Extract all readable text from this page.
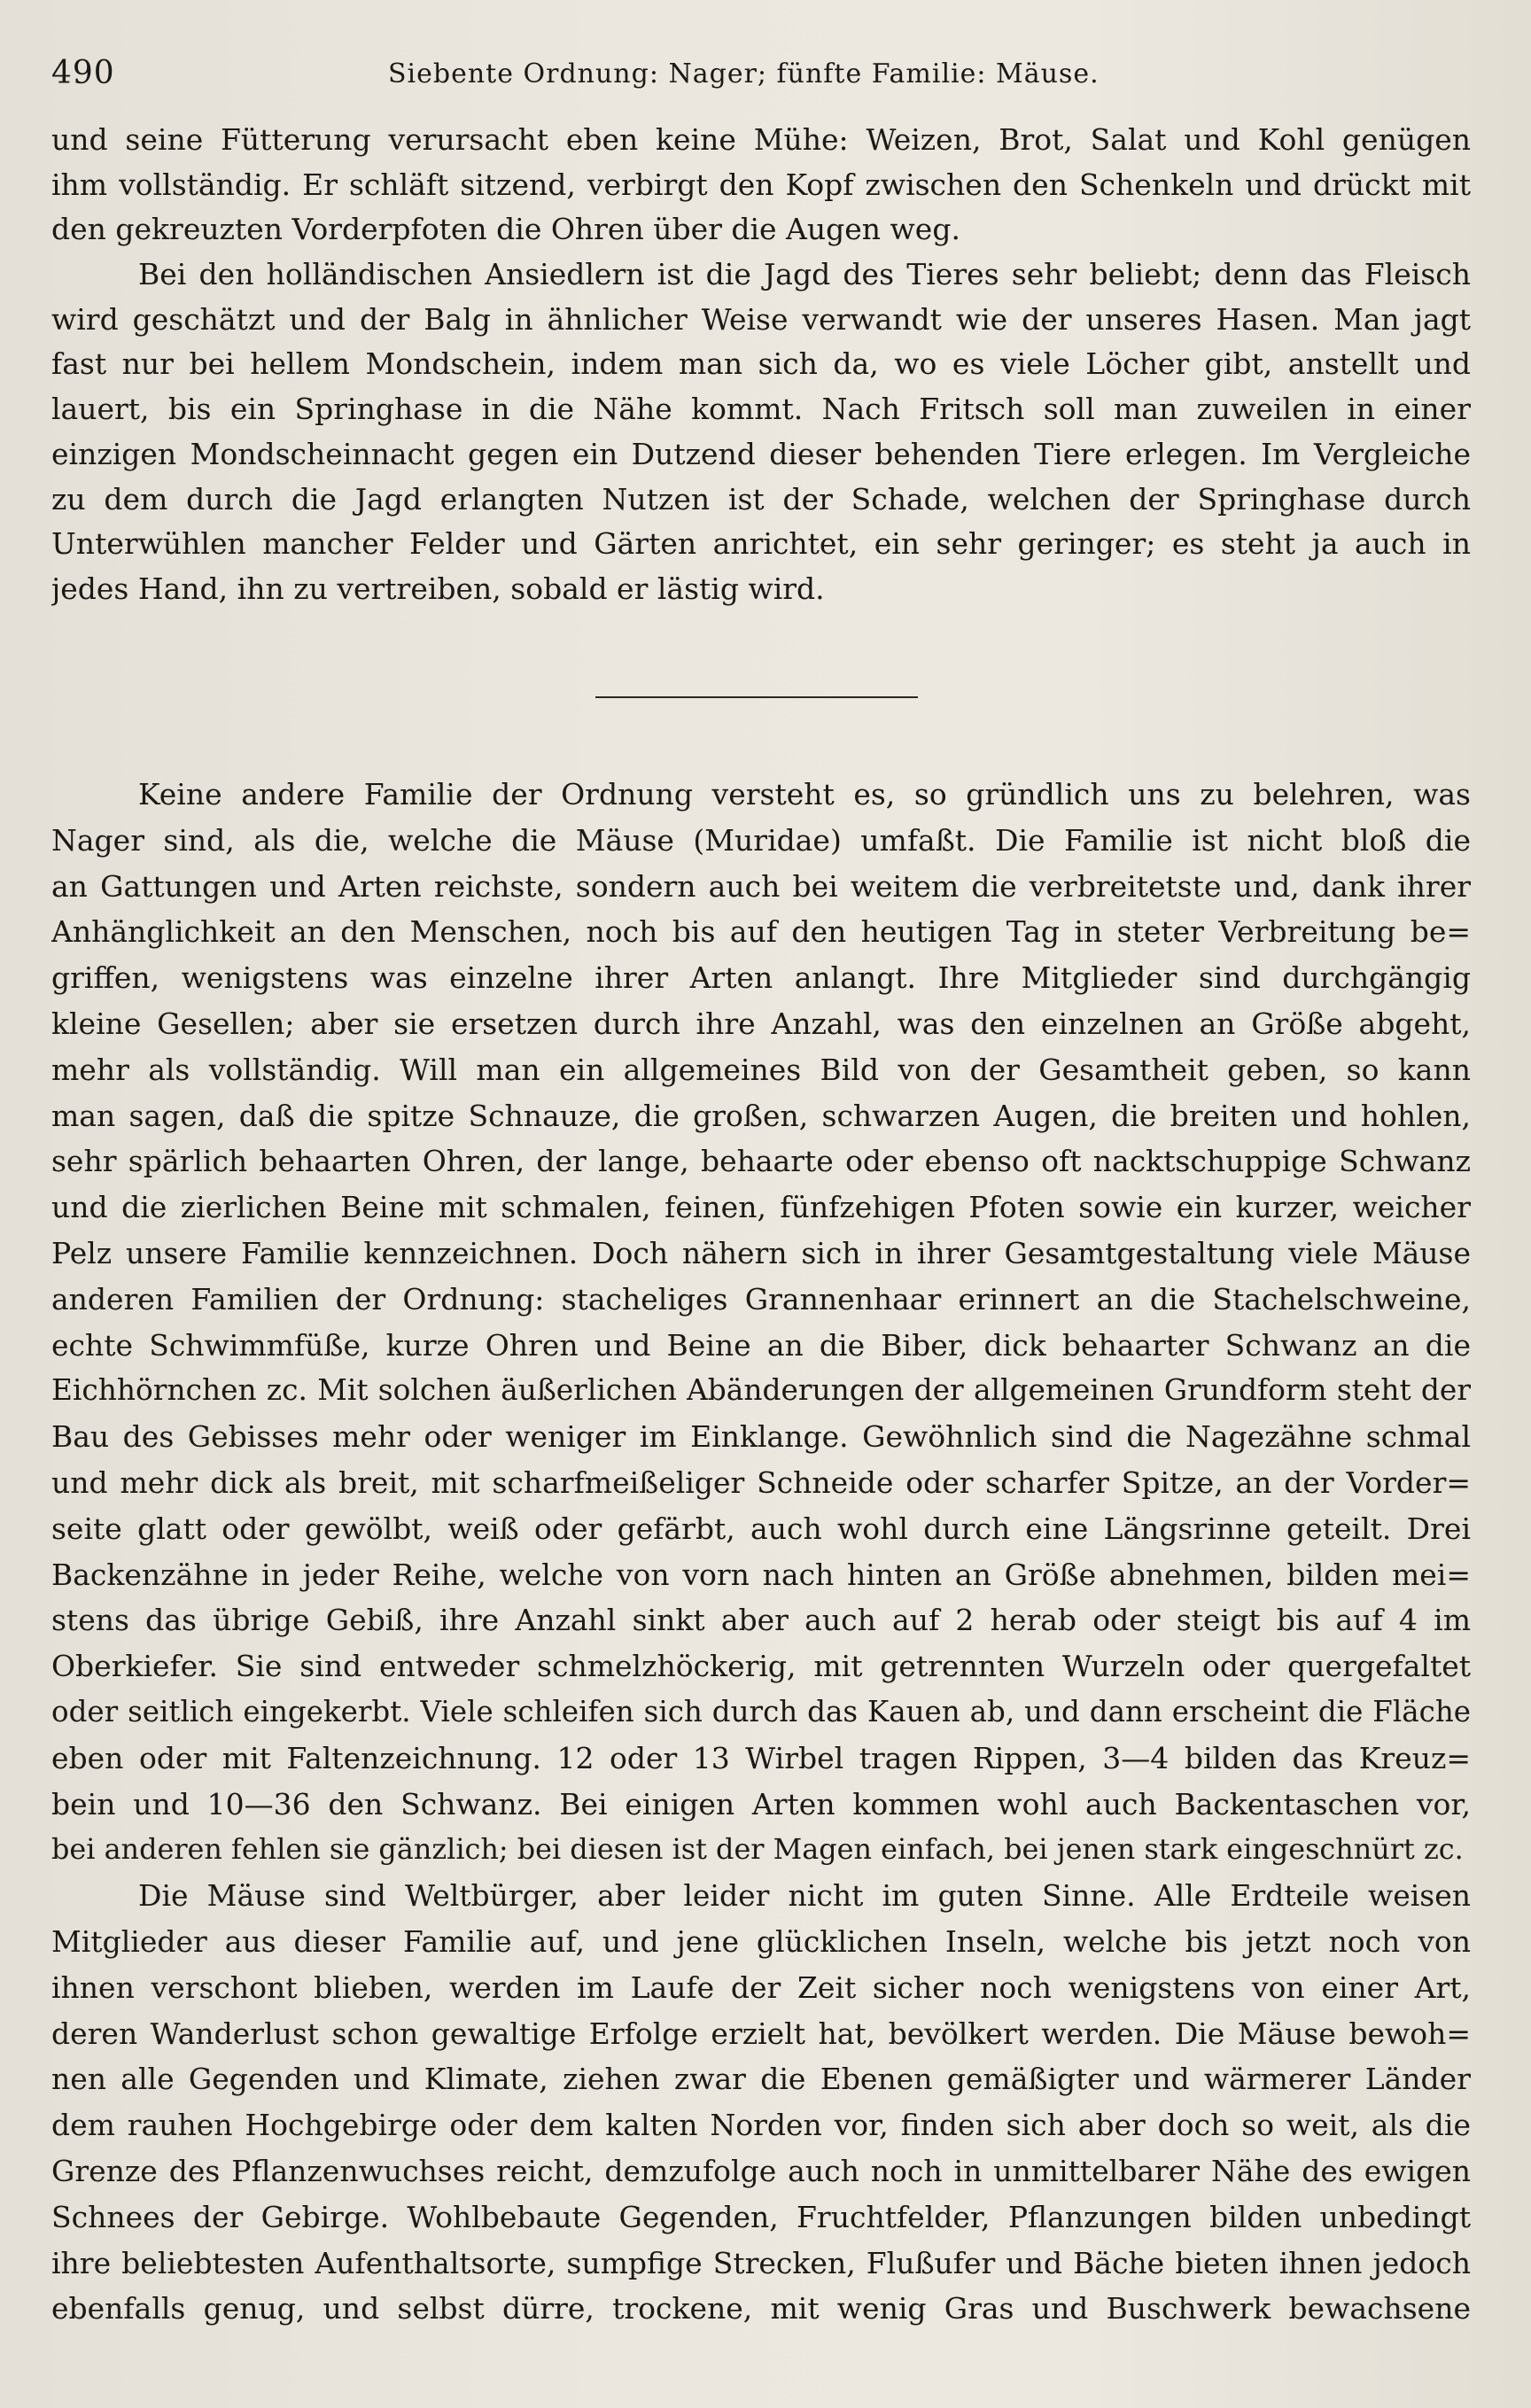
490	Siebente Ordnung: Nager; fünfte Familie: Mäuse.
und seine Fütterung verursacht eben keine Mühe: Weizen, Brot, Salat und Kohl genügen
ihm vollständig. Er schläft sitzend, verbirgt den Kopf zwischen den Schenkeln und drückt mit
den gekreuzten Vorderpfoten die Ohren über die Augen weg.
Bei den holländischen Ansiedlern ist die Jagd des Tieres sehr beliebt; denn das Fleisch
wird geschätzt und der Balg in ähnlicher Weise verwandt wie der unseres Hasen. Man jagt
fast nur bei hellem Mondschein, indem man sich da, wo es viele Löcher gibt, anstellt und
lauert, bis ein Springhase in die Nähe kommt. Nach Fritsch soll man zuweilen in einer
einzigen Mondscheinnacht gegen ein Dutzend dieser behenden Tiere erlegen. Im Vergleiche
zu dem durch die Jagd erlangten Nutzen ist der Schade, welchen der Springhase durch
Unterwühlen mancher Felder und Gärten anrichtet, ein sehr geringer; es steht ja auch in
jedes Hand, ihn zu vertreiben, sobald er lästig wird.
Keine andere Familie der Ordnung versteht es, so gründlich uns zu belehren, was
Nager sind, als die, welche die Mäuse (Muridae) umfaßt. Die Familie ist nicht bloß die
an Gattungen und Arten reichste, sondern auch bei weitem die verbreitetste und, dank ihrer
Anhänglichkeit an den Menschen, noch bis auf den heutigen Tag in steter Verbreitung be=
griffen, wenigstens was einzelne ihrer Arten anlangt. Ihre Mitglieder sind durchgängig
kleine Gesellen; aber sie ersetzen durch ihre Anzahl, was den einzelnen an Größe abgeht,
mehr als vollständig. Will man ein allgemeines Bild von der Gesamtheit geben, so kann
man sagen, daß die spitze Schnauze, die großen, schwarzen Augen, die breiten und hohlen,
sehr spärlich behaarten Ohren, der lange, behaarte oder ebenso oft nacktschuppige Schwanz
und die zierlichen Beine mit schmalen, feinen, fünfzehigen Pfoten sowie ein kurzer, weicher
Pelz unsere Familie kennzeichnen. Doch nähern sich in ihrer Gesamtgestaltung viele Mäuse
anderen Familien der Ordnung: stacheliges Grannenhaar erinnert an die Stachelschweine,
echte Schwimmfüße, kurze Ohren und Beine an die Biber, dick behaarter Schwanz an die
Eichhörnchen zc. Mit solchen äußerlichen Abänderungen der allgemeinen Grundform steht der
Bau des Gebisses mehr oder weniger im Einklange. Gewöhnlich sind die Nagezähne schmal
und mehr dick als breit, mit scharfmeißeliger Schneide oder scharfer Spitze, an der Vorder=
seite glatt oder gewölbt, weiß oder gefärbt, auch wohl durch eine Längsrinne geteilt. Drei
Backenzähne in jeder Reihe, welche von vorn nach hinten an Größe abnehmen, bilden mei=
stens das übrige Gebiß, ihre Anzahl sinkt aber auch auf 2 herab oder steigt bis auf 4 im
Oberkiefer. Sie sind entweder schmelzhöckerig, mit getrennten Wurzeln oder quergefaltet
oder seitlich eingekerbt. Viele schleifen sich durch das Kauen ab, und dann erscheint die Fläche
eben oder mit Faltenzeichnung. 12 oder 13 Wirbel tragen Rippen, 3—4 bilden das Kreuz=
bein und 10—36 den Schwanz. Bei einigen Arten kommen wohl auch Backentaschen vor,
bei anderen fehlen sie gänzlich; bei diesen ist der Magen einfach, bei jenen stark eingeschnürt zc.
Die Mäuse sind Weltbürger, aber leider nicht im guten Sinne. Alle Erdteile weisen
Mitglieder aus dieser Familie auf, und jene glücklichen Inseln, welche bis jetzt noch von
ihnen verschont blieben, werden im Laufe der Zeit sicher noch wenigstens von einer Art,
deren Wanderlust schon gewaltige Erfolge erzielt hat, bevölkert werden. Die Mäuse bewoh=
nen alle Gegenden und Klimate, ziehen zwar die Ebenen gemäßigter und wärmerer Länder
dem rauhen Hochgebirge oder dem kalten Norden vor, finden sich aber doch so weit, als die
Grenze des Pflanzenwuchses reicht, demzufolge auch noch in unmittelbarer Nähe des ewigen
Schnees der Gebirge. Wohlbebaute Gegenden, Fruchtfelder, Pflanzungen bilden unbedingt
ihre beliebtesten Aufenthaltsorte, sumpfige Strecken, Flußufer und Bäche bieten ihnen jedoch
ebenfalls genug, und selbst dürre, trockene, mit wenig Gras und Buschwerk bewachsene
